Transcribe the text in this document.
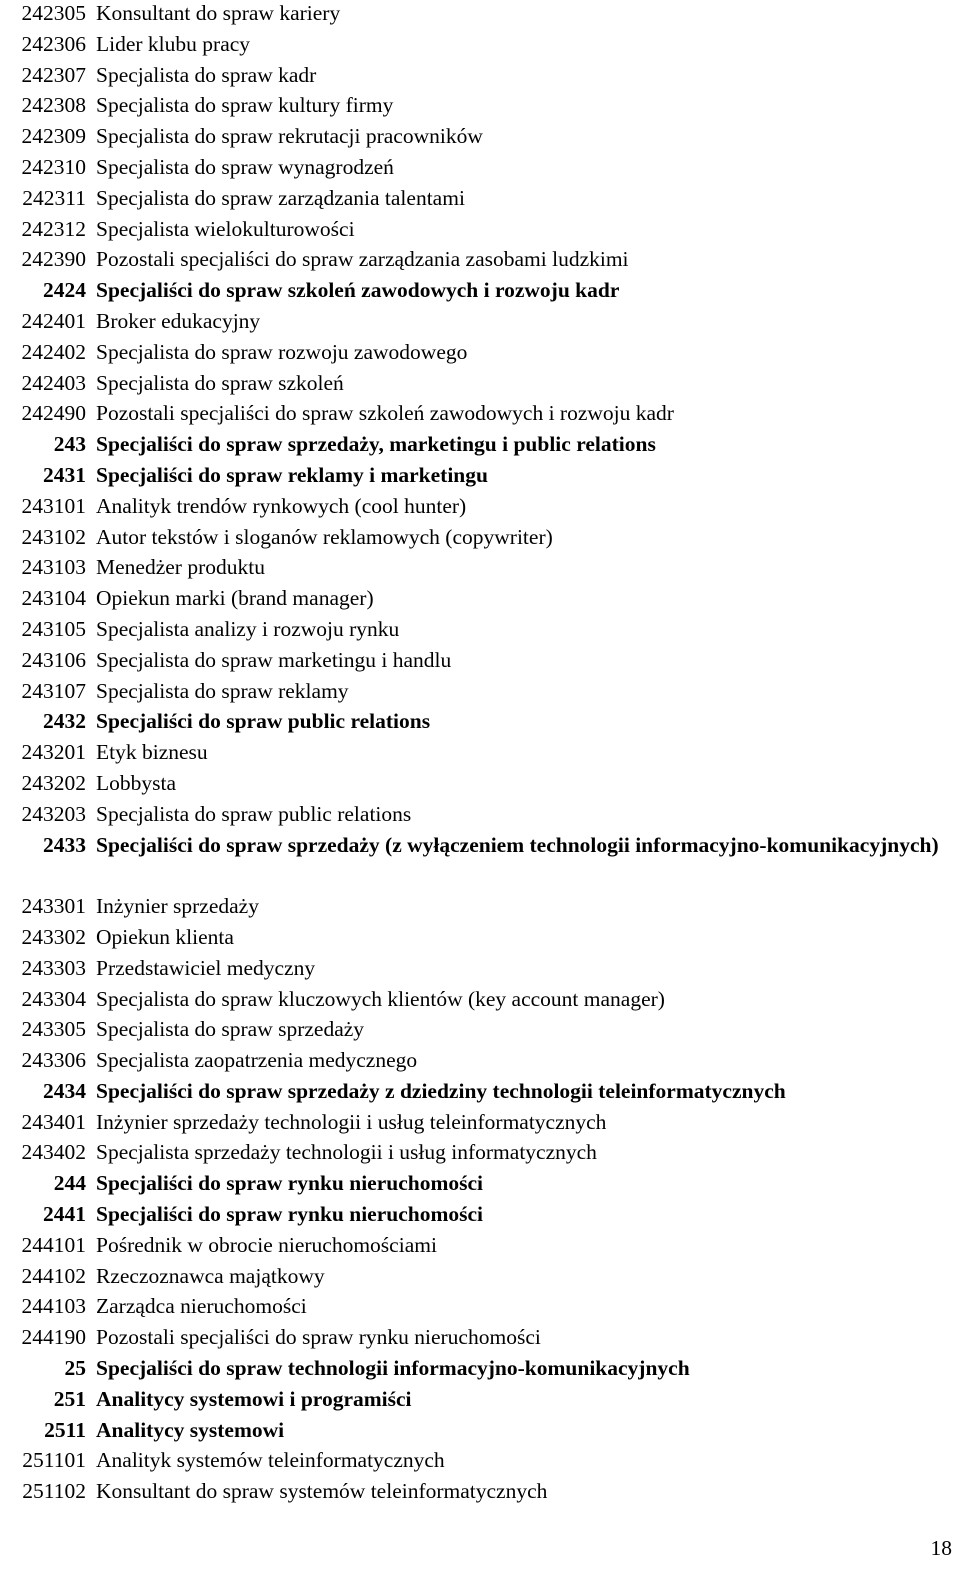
242305 Konsultant do spraw kariery
242306 Lider klubu pracy
242307 Specjalista do spraw kadr
242308 Specjalista do spraw kultury firmy
242309 Specjalista do spraw rekrutacji pracowników
242310 Specjalista do spraw wynagrodzeń
242311 Specjalista do spraw zarządzania talentami
242312 Specjalista wielokulturowości
242390 Pozostali specjaliści do spraw zarządzania zasobami ludzkimi
2424 Specjaliści do spraw szkoleń zawodowych i rozwoju kadr
242401 Broker edukacyjny
242402 Specjalista do spraw rozwoju zawodowego
242403 Specjalista do spraw szkoleń
242490 Pozostali specjaliści do spraw szkoleń zawodowych i rozwoju kadr
243 Specjaliści do spraw sprzedaży, marketingu i public relations
2431 Specjaliści do spraw reklamy i marketingu
243101 Analityk trendów rynkowych (cool hunter)
243102 Autor tekstów i sloganów reklamowych (copywriter)
243103 Menedżer produktu
243104 Opiekun marki (brand manager)
243105 Specjalista analizy i rozwoju rynku
243106 Specjalista do spraw marketingu i handlu
243107 Specjalista do spraw reklamy
2432 Specjaliści do spraw public relations
243201 Etyk biznesu
243202 Lobbysta
243203 Specjalista do spraw public relations
2433 Specjaliści do spraw sprzedaży (z wyłączeniem technologii informacyjno-komunikacyjnych)
243301 Inżynier sprzedaży
243302 Opiekun klienta
243303 Przedstawiciel medyczny
243304 Specjalista do spraw kluczowych klientów (key account manager)
243305 Specjalista do spraw sprzedaży
243306 Specjalista zaopatrzenia medycznego
2434 Specjaliści do spraw sprzedaży z dziedziny technologii teleinformatycznych
243401 Inżynier sprzedaży technologii i usług teleinformatycznych
243402 Specjalista sprzedaży technologii i usług informatycznych
244 Specjaliści do spraw rynku nieruchomości
2441 Specjaliści do spraw rynku nieruchomości
244101 Pośrednik w obrocie nieruchomościami
244102 Rzeczoznawca majątkowy
244103 Zarządca nieruchomości
244190 Pozostali specjaliści do spraw rynku nieruchomości
25 Specjaliści do spraw technologii informacyjno-komunikacyjnych
251 Analitycy systemowi i programiści
2511 Analitycy systemowi
251101 Analityk systemów teleinformatycznych
251102 Konsultant do spraw systemów teleinformatycznych
18
